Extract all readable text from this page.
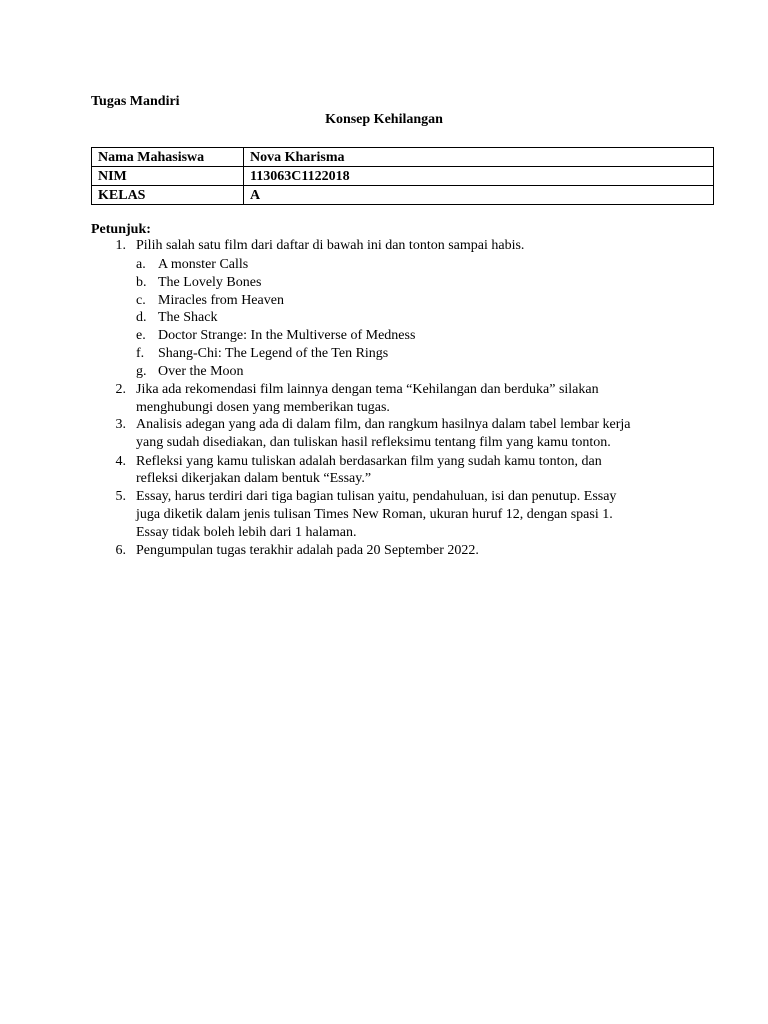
Tugas Mandiri
Konsep Kehilangan
Nama Mahasiswa	Nova Kharisma
NIM	113063C1122018
KELAS	A
Petunjuk:
1. Pilih salah satu film dari daftar di bawah ini dan tonton sampai habis.
a. A monster Calls
b. The Lovely Bones
c. Miracles from Heaven
d. The Shack
e. Doctor Strange: In the Multiverse of Medness
f. Shang-Chi: The Legend of the Ten Rings
g. Over the Moon
2. Jika ada rekomendasi film lainnya dengan tema “Kehilangan dan berduka” silakan
menghubungi dosen yang memberikan tugas.
3. Analisis adegan yang ada di dalam film, dan rangkum hasilnya dalam tabel lembar kerja
yang sudah disediakan, dan tuliskan hasil refleksimu tentang film yang kamu tonton.
4. Refleksi yang kamu tuliskan adalah berdasarkan film yang sudah kamu tonton, dan
refleksi dikerjakan dalam bentuk “Essay.”
5. Essay, harus terdiri dari tiga bagian tulisan yaitu, pendahuluan, isi dan penutup. Essay
juga diketik dalam jenis tulisan Times New Roman, ukuran huruf 12, dengan spasi 1.
Essay tidak boleh lebih dari 1 halaman.
6. Pengumpulan tugas terakhir adalah pada 20 September 2022.
